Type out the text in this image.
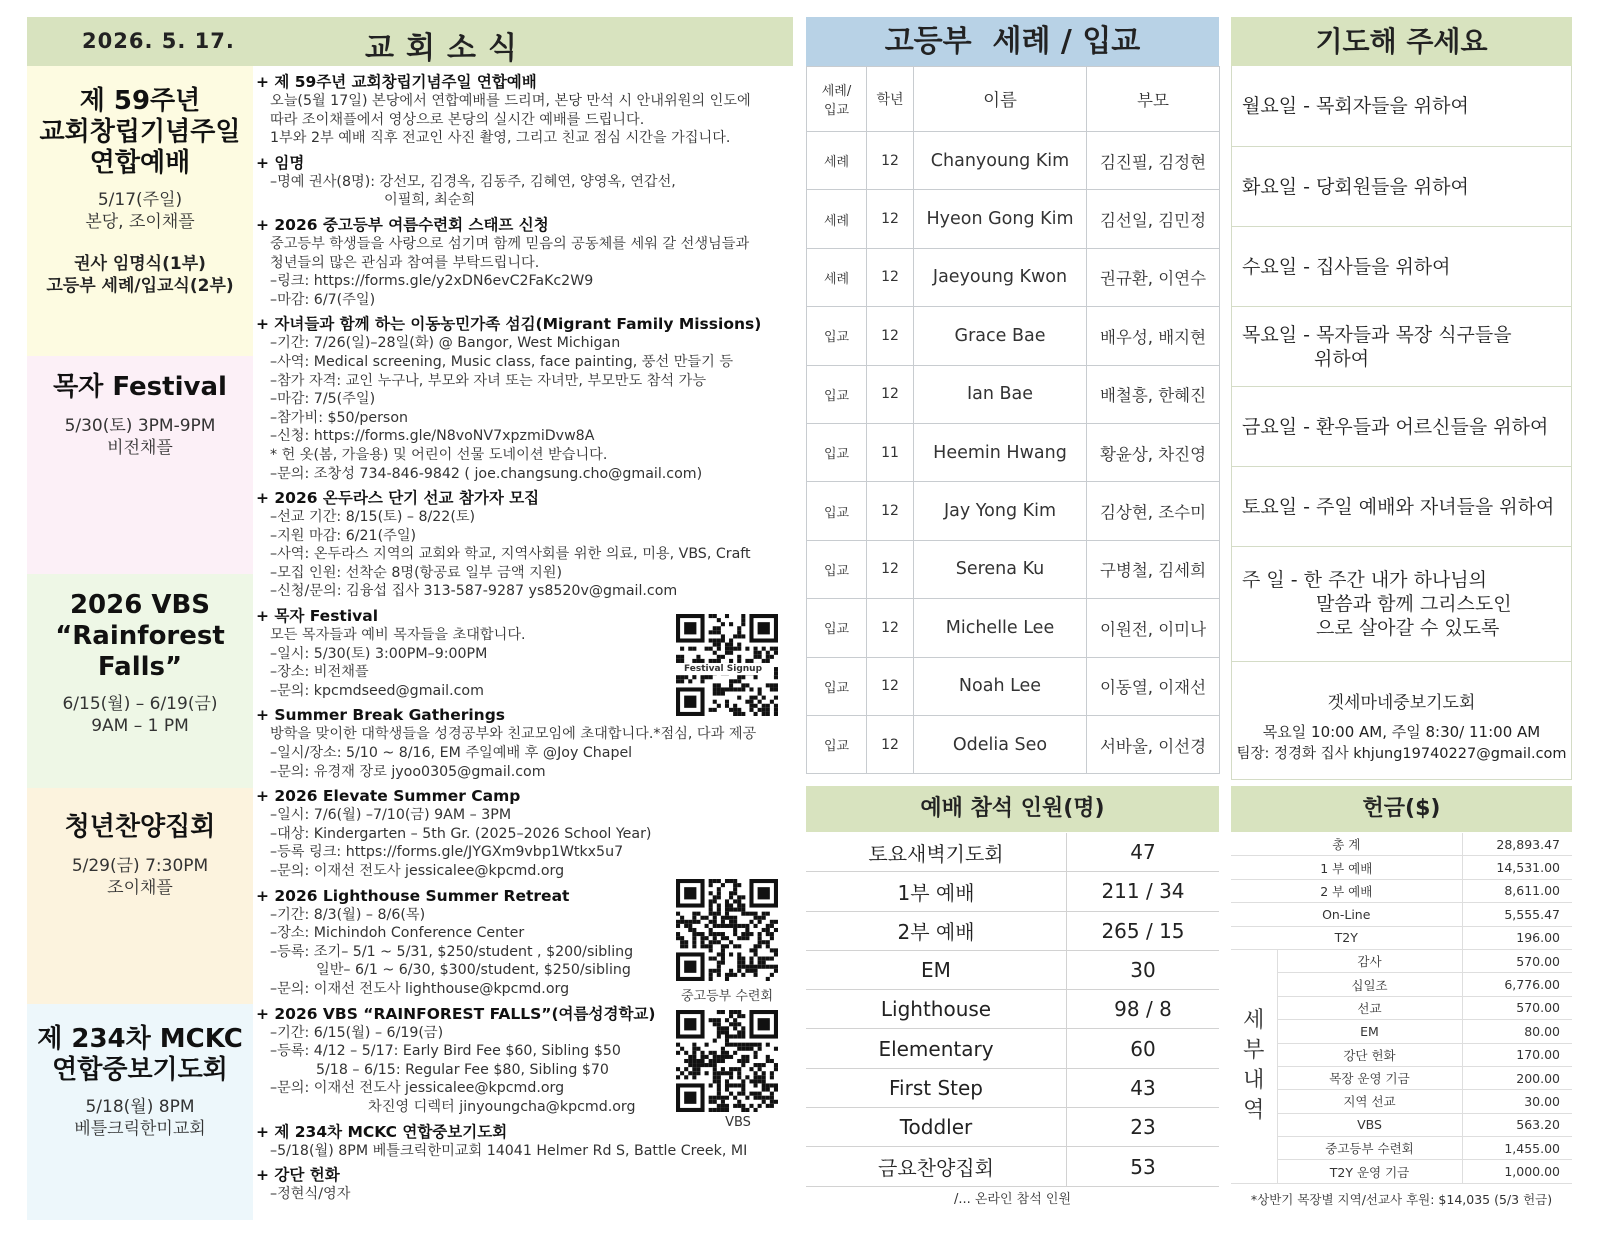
2026. 5. 17.	교회소식
제 59주년
교회창립기념주일
연합예배
5/17(주일)
본당, 조이채플
권사 임명식(1부)
고등부 세례/입교식(2부)
목자 Festival
5/30(토) 3PM-9PM
비전채플
2026 VBS
“Rainforest Falls”
6/15(월) – 6/19(금)
9AM – 1 PM
청년찬양집회
5/29(금) 7:30PM
조이채플
제 234차 MCKC
연합중보기도회
5/18(월) 8PM
베틀크릭한미교회
+ 제 59주년 교회창립기념주일 연합예배
오늘(5월 17일) 본당에서 연합예배를 드리며, 본당 만석 시 안내위원의 인도에
따라 조이채플에서 영상으로 본당의 실시간 예배를 드립니다.
1부와 2부 예배 직후 전교인 사진 촬영, 그리고 친교 점심 시간을 가집니다.
+ 임명
–명예 권사(8명): 강선모, 김경옥, 김동주, 김혜연, 양영옥, 연갑선,
이필희, 최순희
+ 2026 중고등부 여름수련회 스태프 신청
중고등부 학생들을 사랑으로 섬기며 함께 믿음의 공동체를 세워 갈 선생님들과
청년들의 많은 관심과 참여를 부탁드립니다.
–링크: https://forms.gle/y2xDN6evC2FaKc2W9
–마감: 6/7(주일)
+ 자녀들과 함께 하는 이동농민가족 섬김(Migrant Family Missions)
–기간: 7/26(일)–28일(화) @ Bangor, West Michigan
–사역: Medical screening, Music class, face painting, 풍선 만들기 등
–참가 자격: 교인 누구나, 부모와 자녀 또는 자녀만, 부모만도 참석 가능
–마감: 7/5(주일)
–참가비: $50/person
–신청: https://forms.gle/N8voNV7xpzmiDvw8A
* 헌 옷(봄, 가을용) 및 어린이 선물 도네이션 받습니다.
–문의: 조창성 734-846-9842 ( joe.changsung.cho@gmail.com)
+ 2026 온두라스 단기 선교 참가자 모집
–선교 기간: 8/15(토) – 8/22(토)
–지원 마감: 6/21(주일)
–사역: 온두라스 지역의 교회와 학교, 지역사회를 위한 의료, 미용, VBS, Craft
–모집 인원: 선착순 8명(항공료 일부 금액 지원)
–신청/문의: 김융섭 집사 313-587-9287 ys8520v@gmail.com
+ 목자 Festival
모든 목자들과 예비 목자들을 초대합니다.
–일시: 5/30(토) 3:00PM–9:00PM
–장소: 비전채플
–문의: kpcmdseed@gmail.com
+ Summer Break Gatherings
방학을 맞이한 대학생들을 성경공부와 친교모임에 초대합니다.*점심, 다과 제공
–일시/장소: 5/10 ~ 8/16, EM 주일예배 후 @Joy Chapel
–문의: 유경재 장로 jyoo0305@gmail.com
+ 2026 Elevate Summer Camp
–일시: 7/6(월) –7/10(금) 9AM – 3PM
–대상: Kindergarten – 5th Gr. (2025–2026 School Year)
–등록 링크: https://forms.gle/JYGXm9vbp1Wtkx5u7
–문의: 이재선 전도사 jessicalee@kpcmd.org
+ 2026 Lighthouse Summer Retreat
–기간: 8/3(월) – 8/6(목)
–장소: Michindoh Conference Center
–등록: 조기– 5/1 ~ 5/31, $250/student , $200/sibling
일반– 6/1 ~ 6/30, $300/student, $250/sibling
–문의: 이재선 전도사 lighthouse@kpcmd.org
+ 2026 VBS “RAINFOREST FALLS”(여름성경학교)
–기간: 6/15(월) – 6/19(금)
–등록: 4/12 – 5/17: Early Bird Fee $60, Sibling $50
5/18 – 6/15: Regular Fee $80, Sibling $70
–문의: 이재선 전도사 jessicalee@kpcmd.org
차진영 디렉터 jinyoungcha@kpcmd.org
+ 제 234차 MCKC 연합중보기도회
–5/18(월) 8PM 베틀크릭한미교회 14041 Helmer Rd S, Battle Creek, MI
+ 강단 헌화
–정현식/영자
Festival Signup
중고등부 수련회
VBS
고등부  세례 / 입교
세례/
입교	학년	이름	부모
세례	12	Chanyoung Kim	김진필, 김정현
세례	12	Hyeon Gong Kim	김선일, 김민정
세례	12	Jaeyoung Kwon	권규환, 이연수
입교	12	Grace Bae	배우성, 배지현
입교	12	Ian Bae	배철흥, 한혜진
입교	11	Heemin Hwang	황윤상, 차진영
입교	12	Jay Yong Kim	김상현, 조수미
입교	12	Serena Ku	구병철, 김세희
입교	12	Michelle Lee	이원전, 이미나
입교	12	Noah Lee	이동열, 이재선
입교	12	Odelia Seo	서바울, 이선경
예배 참석 인원(명)
토요새벽기도회	47
1부 예배	211 / 34
2부 예배	265 / 15
EM	30
Lighthouse	98 / 8
Elementary	60
First Step	43
Toddler	23
금요찬양집회	53
/... 온라인 참석 인원
기도해 주세요
월요일 - 목회자들을 위하여
화요일 - 당회원들을 위하여
수요일 - 집사들을 위하여
목요일 - 목자들과 목장 식구들을
위하여
금요일 - 환우들과 어르신들을 위하여
토요일 - 주일 예배와 자녀들을 위하여
주 일 - 한 주간 내가 하나님의
말씀과 함께 그리스도인
으로 살아갈 수 있도록
겟세마네중보기도회
목요일 10:00 AM, 주일 8:30/ 11:00 AM
팀장: 정경화 집사 khjung19740227@gmail.com
헌금($)
총 계		28,893.47
1 부 예배		14,531.00
2 부 예배		8,611.00
On-Line		5,555.47
T2Y		196.00
세
부
내
역	감사	570.00
	십일조	6,776.00
	선교	570.00
	EM	80.00
	강단 헌화	170.00
	목장 운영 기금	200.00
	지역 선교	30.00
	VBS	563.20
	중고등부 수련회	1,455.00
	T2Y 운영 기금	1,000.00
*상반기 목장별 지역/선교사 후원: $14,035 (5/3 헌금)
